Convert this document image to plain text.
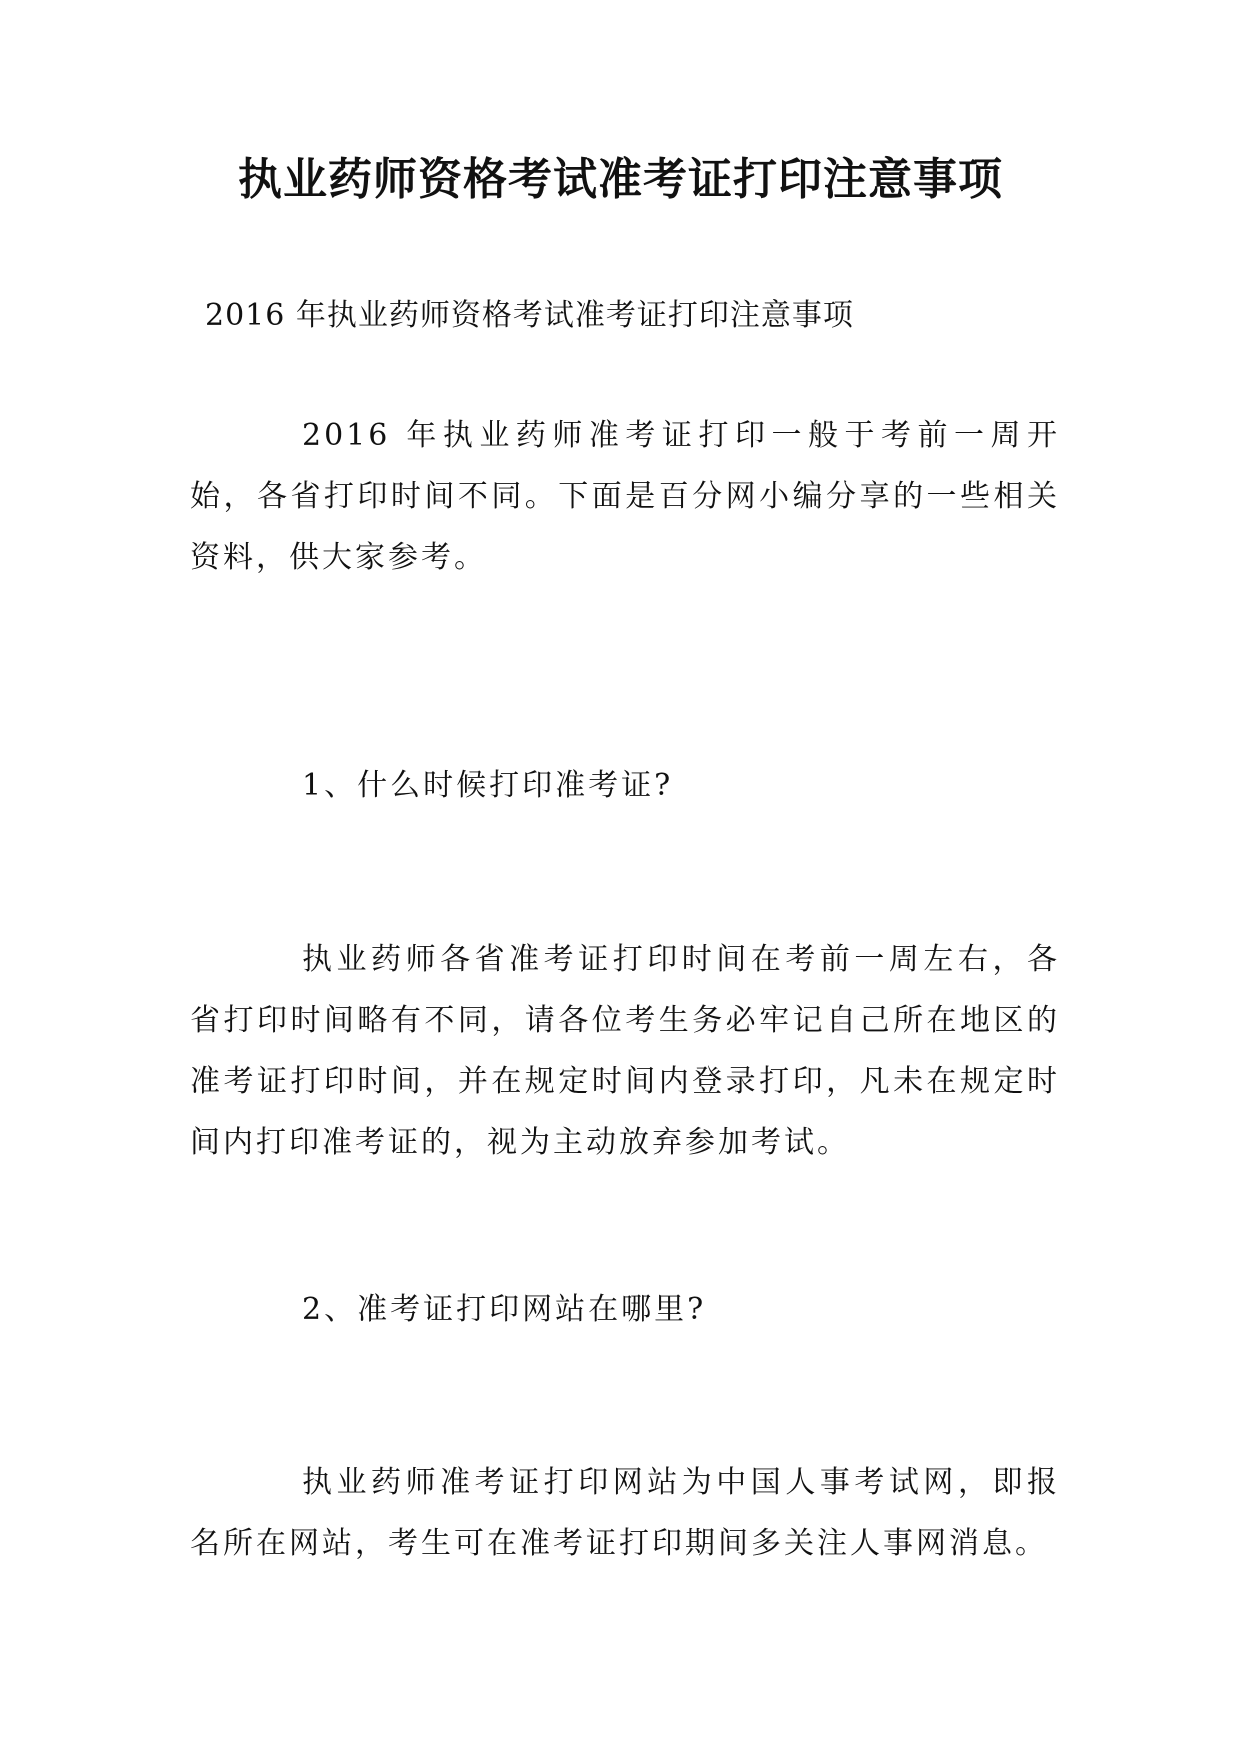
执业药师资格考试准考证打印注意事项

2016 年执业药师资格考试准考证打印注意事项

2016 年执业药师准考证打印一般于考前一周开始，各省打印时间不同。下面是百分网小编分享的一些相关资料，供大家参考。

1、什么时候打印准考证?

执业药师各省准考证打印时间在考前一周左右，各省打印时间略有不同，请各位考生务必牢记自己所在地区的准考证打印时间，并在规定时间内登录打印，凡未在规定时间内打印准考证的，视为主动放弃参加考试。

2、准考证打印网站在哪里?

执业药师准考证打印网站为中国人事考试网，即报名所在网站，考生可在准考证打印期间多关注人事网消息。
